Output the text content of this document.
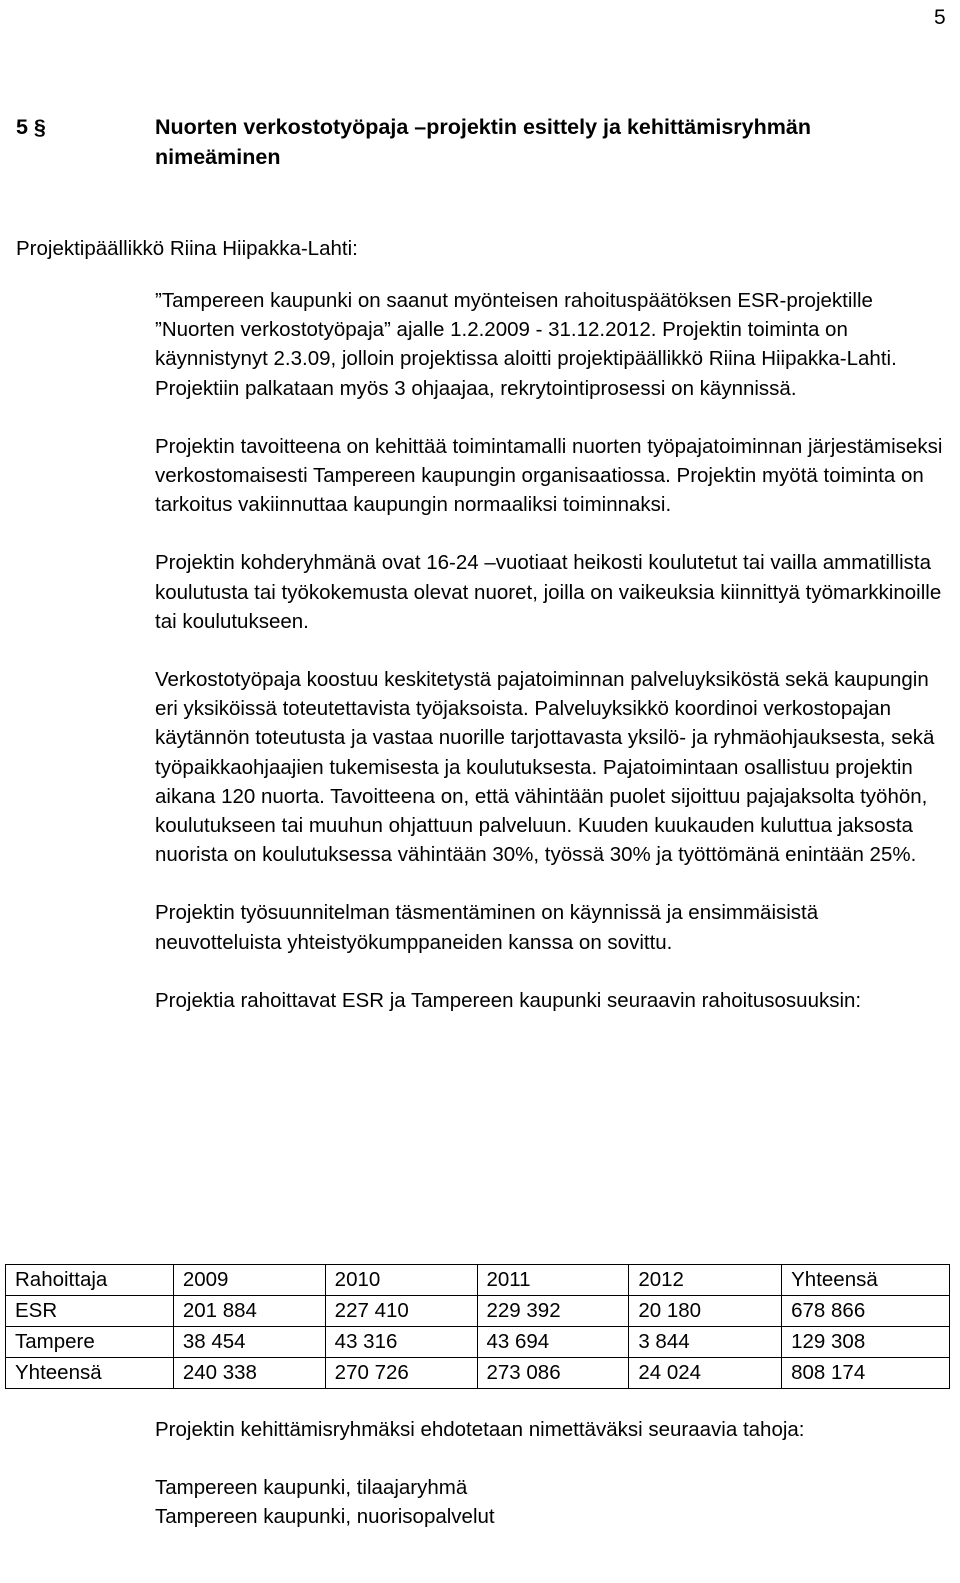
5
5 §	Nuorten verkostotyöpaja –projektin esittely ja kehittämisryhmän nimeäminen
Projektipäällikkö Riina Hiipakka-Lahti:

”Tampereen kaupunki on saanut myönteisen rahoituspäätöksen ESR-projektille ”Nuorten verkostotyöpaja” ajalle 1.2.2009 - 31.12.2012. Projektin toiminta on käynnistynyt 2.3.09, jolloin projektissa aloitti projektipäällikkö Riina Hiipakka-Lahti. Projektiin palkataan myös 3 ohjaajaa, rekrytointiprosessi on käynnissä.

Projektin tavoitteena on kehittää toimintamalli nuorten työpajatoiminnan järjestämiseksi verkostomaisesti Tampereen kaupungin organisaatiossa. Projektin myötä toiminta on tarkoitus vakiinnuttaa kaupungin normaaliksi toiminnaksi.

Projektin kohderyhmänä ovat 16-24 –vuotiaat heikosti koulutetut tai vailla ammatillista koulutusta tai työkokemusta olevat nuoret, joilla on vaikeuksia kiinnittyä työmarkkinoille tai koulutukseen.

Verkostotyöpaja koostuu keskitetystä pajatoiminnan palveluyksiköstä sekä kaupungin eri yksiköissä toteutettavista työjaksoista. Palveluyksikkö koordinoi verkostopajan käytännön toteutusta ja vastaa nuorille tarjottavasta yksilö- ja ryhmäohjauksesta, sekä työpaikkaohjaajien tukemisesta ja koulutuksesta. Pajatoimintaan osallistuu projektin aikana 120 nuorta. Tavoitteena on, että vähintään puolet sijoittuu pajajaksolta työhön, koulutukseen tai muuhun ohjattuun palveluun. Kuuden kuukauden kuluttua jaksosta nuorista on koulutuksessa vähintään 30%, työssä 30% ja työttömänä enintään 25%.

Projektin työsuunnitelman täsmentäminen on käynnissä ja ensimmäisistä neuvotteluista yhteistyökumppaneiden kanssa on sovittu.

Projektia rahoittavat ESR ja Tampereen kaupunki seuraavin rahoitusosuuksin:

Rahoittaja	2009	2010	2011	2012	Yhteensä
ESR	201 884	227 410	229 392	20 180	678 866
Tampere	38 454	43 316	43 694	3 844	129 308
Yhteensä	240 338	270 726	273 086	24 024	808 174

Projektin kehittämisryhmäksi ehdotetaan nimettäväksi seuraavia tahoja:

Tampereen kaupunki, tilaajaryhmä
Tampereen kaupunki, nuorisopalvelut
